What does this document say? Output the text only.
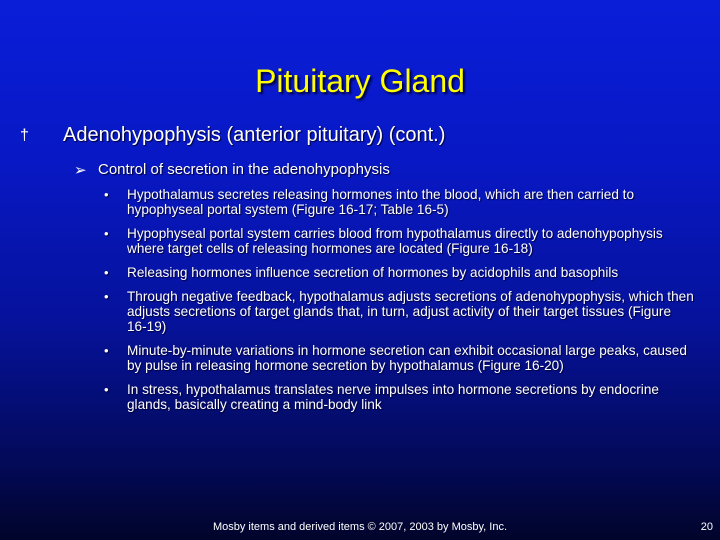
Pituitary Gland
† Adenohypophysis (anterior pituitary) (cont.)
➢ Control of secretion in the adenohypophysis
• Hypothalamus secretes releasing hormones into the blood, which are then carried to hypophyseal portal system (Figure 16-17; Table 16-5)
• Hypophyseal portal system carries blood from hypothalamus directly to adenohypophysis where target cells of releasing hormones are located (Figure 16-18)
• Releasing hormones influence secretion of hormones by acidophils and basophils
• Through negative feedback, hypothalamus adjusts secretions of adenohypophysis, which then adjusts secretions of target glands that, in turn, adjust activity of their target tissues (Figure 16-19)
• Minute-by-minute variations in hormone secretion can exhibit occasional large peaks, caused by pulse in releasing hormone secretion by hypothalamus (Figure 16-20)
• In stress, hypothalamus translates nerve impulses into hormone secretions by endocrine glands, basically creating a mind-body link
Mosby items and derived items © 2007, 2003 by Mosby, Inc.	20
